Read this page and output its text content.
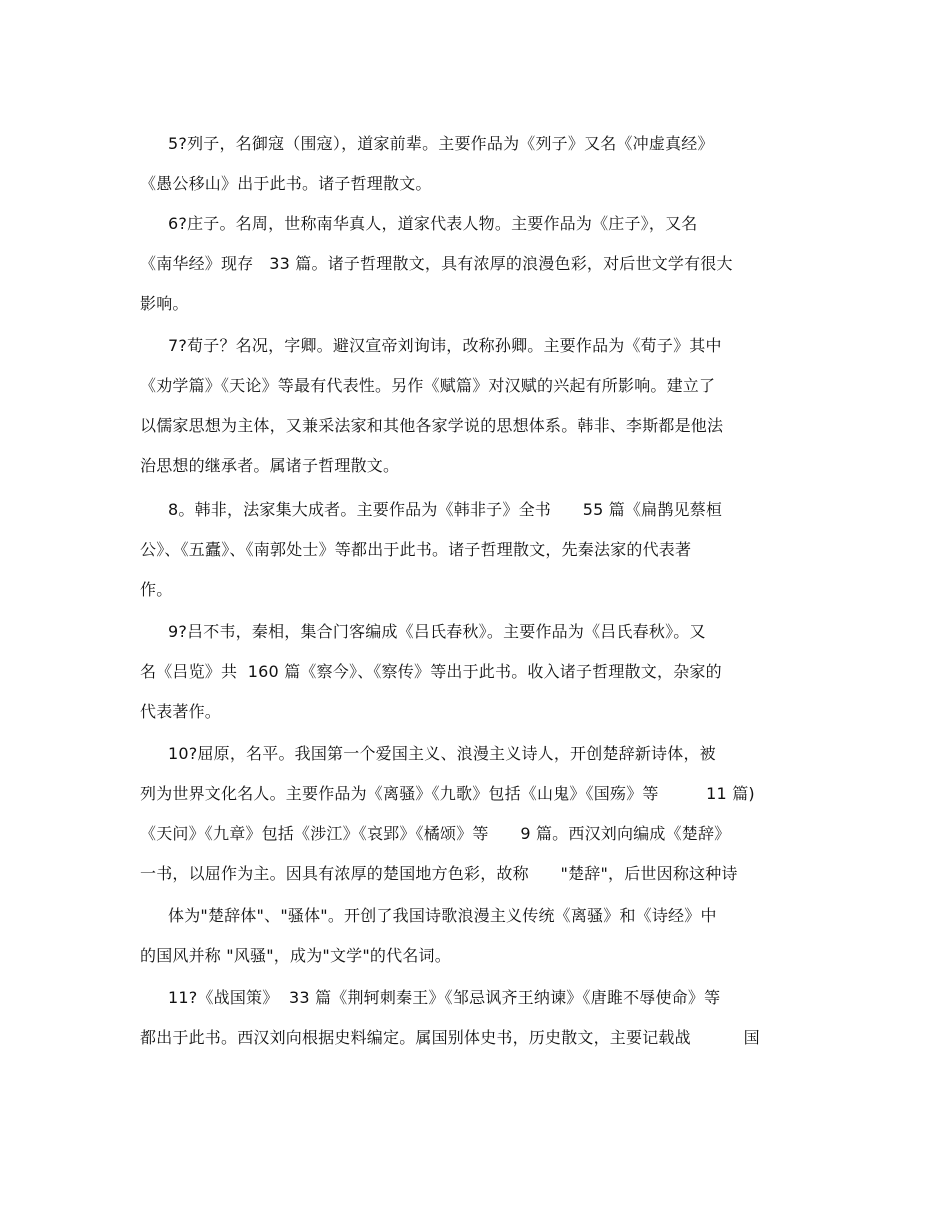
5?列子，名御寇（围寇），道家前辈。主要作品为《列子》又名《冲虚真经》
《愚公移山》出于此书。诸子哲理散文。
6?庄子。名周，世称南华真人，道家代表人物。主要作品为《庄子》，又名
《南华经》现存   33 篇。诸子哲理散文，具有浓厚的浪漫色彩，对后世文学有很大
影响。
7?荀子？名况，字卿。避汉宣帝刘询讳，改称孙卿。主要作品为《荀子》其中
《劝学篇》《天论》等最有代表性。另作《赋篇》对汉赋的兴起有所影响。建立了
以儒家思想为主体，又兼采法家和其他各家学说的思想体系。韩非、李斯都是他法
治思想的继承者。属诸子哲理散文。
8。韩非，法家集大成者。主要作品为《韩非子》全书      55 篇《扁鹊见蔡桓
公》、《五蠹》、《南郭处士》等都出于此书。诸子哲理散文，先秦法家的代表著
作。
9?吕不韦，秦相，集合门客编成《吕氏春秋》。主要作品为《吕氏春秋》。又
名《吕览》共  160 篇《察今》、《察传》等出于此书。收入诸子哲理散文，杂家的
代表著作。
10?屈原，名平。我国第一个爱国主义、浪漫主义诗人，开创楚辞新诗体，被
列为世界文化名人。主要作品为《离骚》《九歌》包括《山鬼》《国殇》等         11 篇)
《天问》《九章》包括《涉江》《哀郢》《橘颂》等      9 篇。西汉刘向编成《楚辞》
一书，以屈作为主。因具有浓厚的楚国地方色彩，故称      "楚辞"，后世因称这种诗
体为"楚辞体"、"骚体"。开创了我国诗歌浪漫主义传统《离骚》和《诗经》中
的国风并称 "风骚"，成为"文学"的代名词。
11?《战国策》  33 篇《荆轲刺秦王》《邹忌讽齐王纳谏》《唐雎不辱使命》等
都出于此书。西汉刘向根据史料编定。属国别体史书，历史散文，主要记载战          国
